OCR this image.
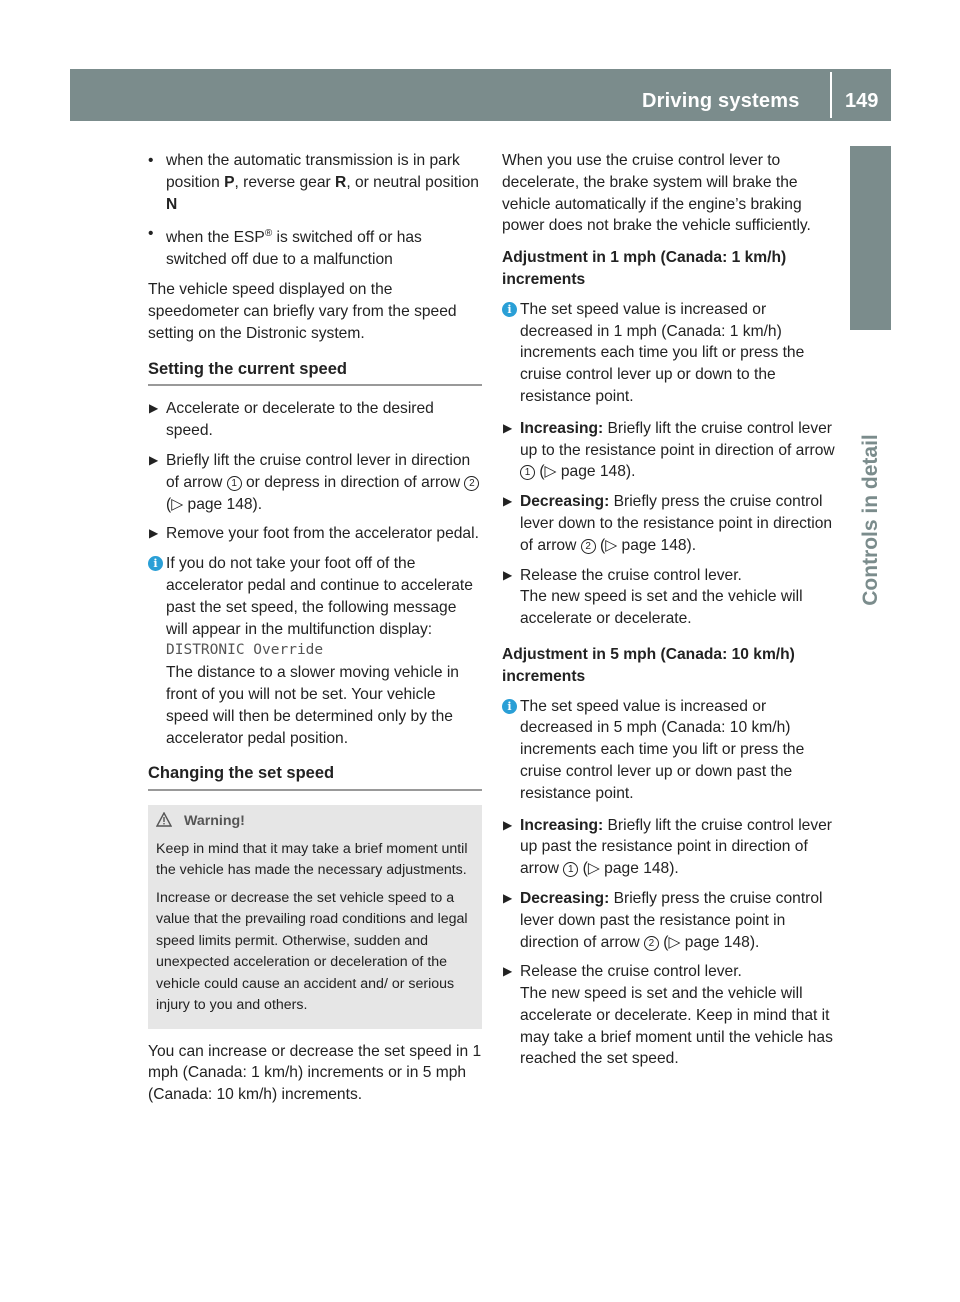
Driving systems 149
Controls in detail
• when the automatic transmission is in park position P, reverse gear R, or neutral position N
• when the ESP® is switched off or has switched off due to a malfunction

The vehicle speed displayed on the speedometer can briefly vary from the speed setting on the Distronic system.

Setting the current speed
▶ Accelerate or decelerate to the desired speed.
▶ Briefly lift the cruise control lever in direction of arrow 1 or depress in direction of arrow 2 (▷ page 148).
▶ Remove your foot from the accelerator pedal.
i If you do not take your foot off of the accelerator pedal and continue to accelerate past the set speed, the following message will appear in the multifunction display:
DISTRONIC Override
The distance to a slower moving vehicle in front of you will not be set. Your vehicle speed will then be determined only by the accelerator pedal position.
Changing the set speed
Warning!

Keep in mind that it may take a brief moment until the vehicle has made the necessary adjustments.

Increase or decrease the set vehicle speed to a value that the prevailing road conditions and legal speed limits permit. Otherwise, sudden and unexpected acceleration or deceleration of the vehicle could cause an accident and/ or serious injury to you and others.

You can increase or decrease the set speed in 1 mph (Canada: 1 km/h) increments or in 5 mph (Canada: 10 km/h) increments.

When you use the cruise control lever to decelerate, the brake system will brake the vehicle automatically if the engine’s braking power does not brake the vehicle sufficiently.

Adjustment in 1 mph (Canada: 1 km/h) increments
i The set speed value is increased or decreased in 1 mph (Canada: 1 km/h) increments each time you lift or press the cruise control lever up or down to the resistance point.
▶ Increasing: Briefly lift the cruise control lever up to the resistance point in direction of arrow 1 (▷ page 148).
▶ Decreasing: Briefly press the cruise control lever down to the resistance point in direction of arrow 2 (▷ page 148).
▶ Release the cruise control lever.
The new speed is set and the vehicle will accelerate or decelerate.
Adjustment in 5 mph (Canada: 10 km/h) increments
i The set speed value is increased or decreased in 5 mph (Canada: 10 km/h) increments each time you lift or press the cruise control lever up or down past the resistance point.
▶ Increasing: Briefly lift the cruise control lever up past the resistance point in direction of arrow 1 (▷ page 148).
▶ Decreasing: Briefly press the cruise control lever down past the resistance point in direction of arrow 2 (▷ page 148).
▶ Release the cruise control lever.
The new speed is set and the vehicle will accelerate or decelerate. Keep in mind that it may take a brief moment until the vehicle has reached the set speed.
